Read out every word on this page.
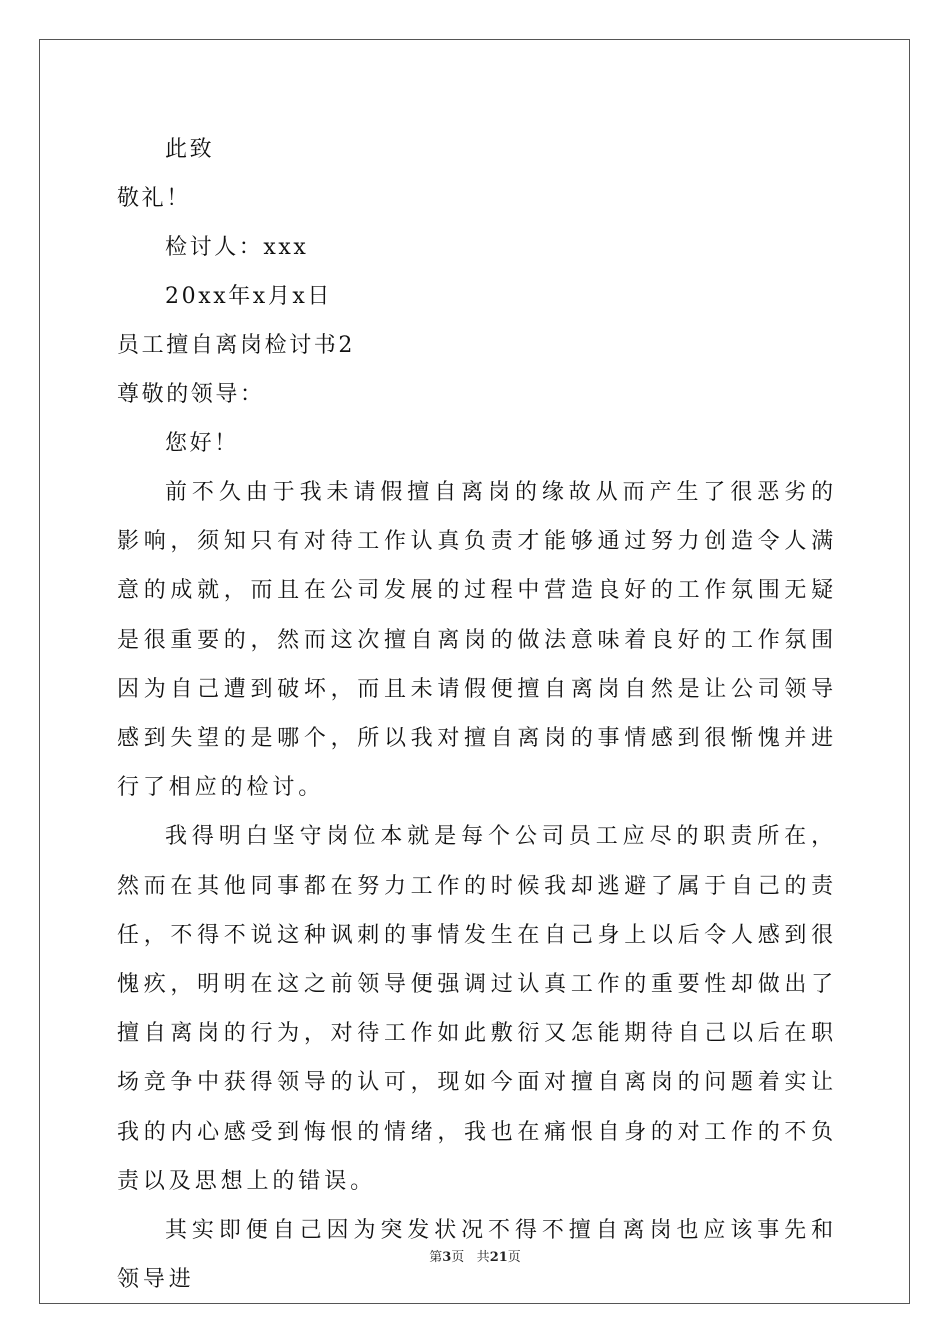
此致
敬礼！
检讨人：xxx
20xx年x月x日
员工擅自离岗检讨书2
尊敬的领导：
您好！
前不久由于我未请假擅自离岗的缘故从而产生了很恶劣的影响，须知只有对待工作认真负责才能够通过努力创造令人满意的成就，而且在公司发展的过程中营造良好的工作氛围无疑是很重要的，然而这次擅自离岗的做法意味着良好的工作氛围因为自己遭到破坏，而且未请假便擅自离岗自然是让公司领导感到失望的是哪个，所以我对擅自离岗的事情感到很惭愧并进行了相应的检讨。
我得明白坚守岗位本就是每个公司员工应尽的职责所在，然而在其他同事都在努力工作的时候我却逃避了属于自己的责任，不得不说这种讽刺的事情发生在自己身上以后令人感到很愧疚，明明在这之前领导便强调过认真工作的重要性却做出了擅自离岗的行为，对待工作如此敷衍又怎能期待自己以后在职场竞争中获得领导的认可，现如今面对擅自离岗的问题着实让我的内心感受到悔恨的情绪，我也在痛恨自身的对工作的不负责以及思想上的错误。
其实即便自己因为突发状况不得不擅自离岗也应该事先和领导进
第3页 共21页
